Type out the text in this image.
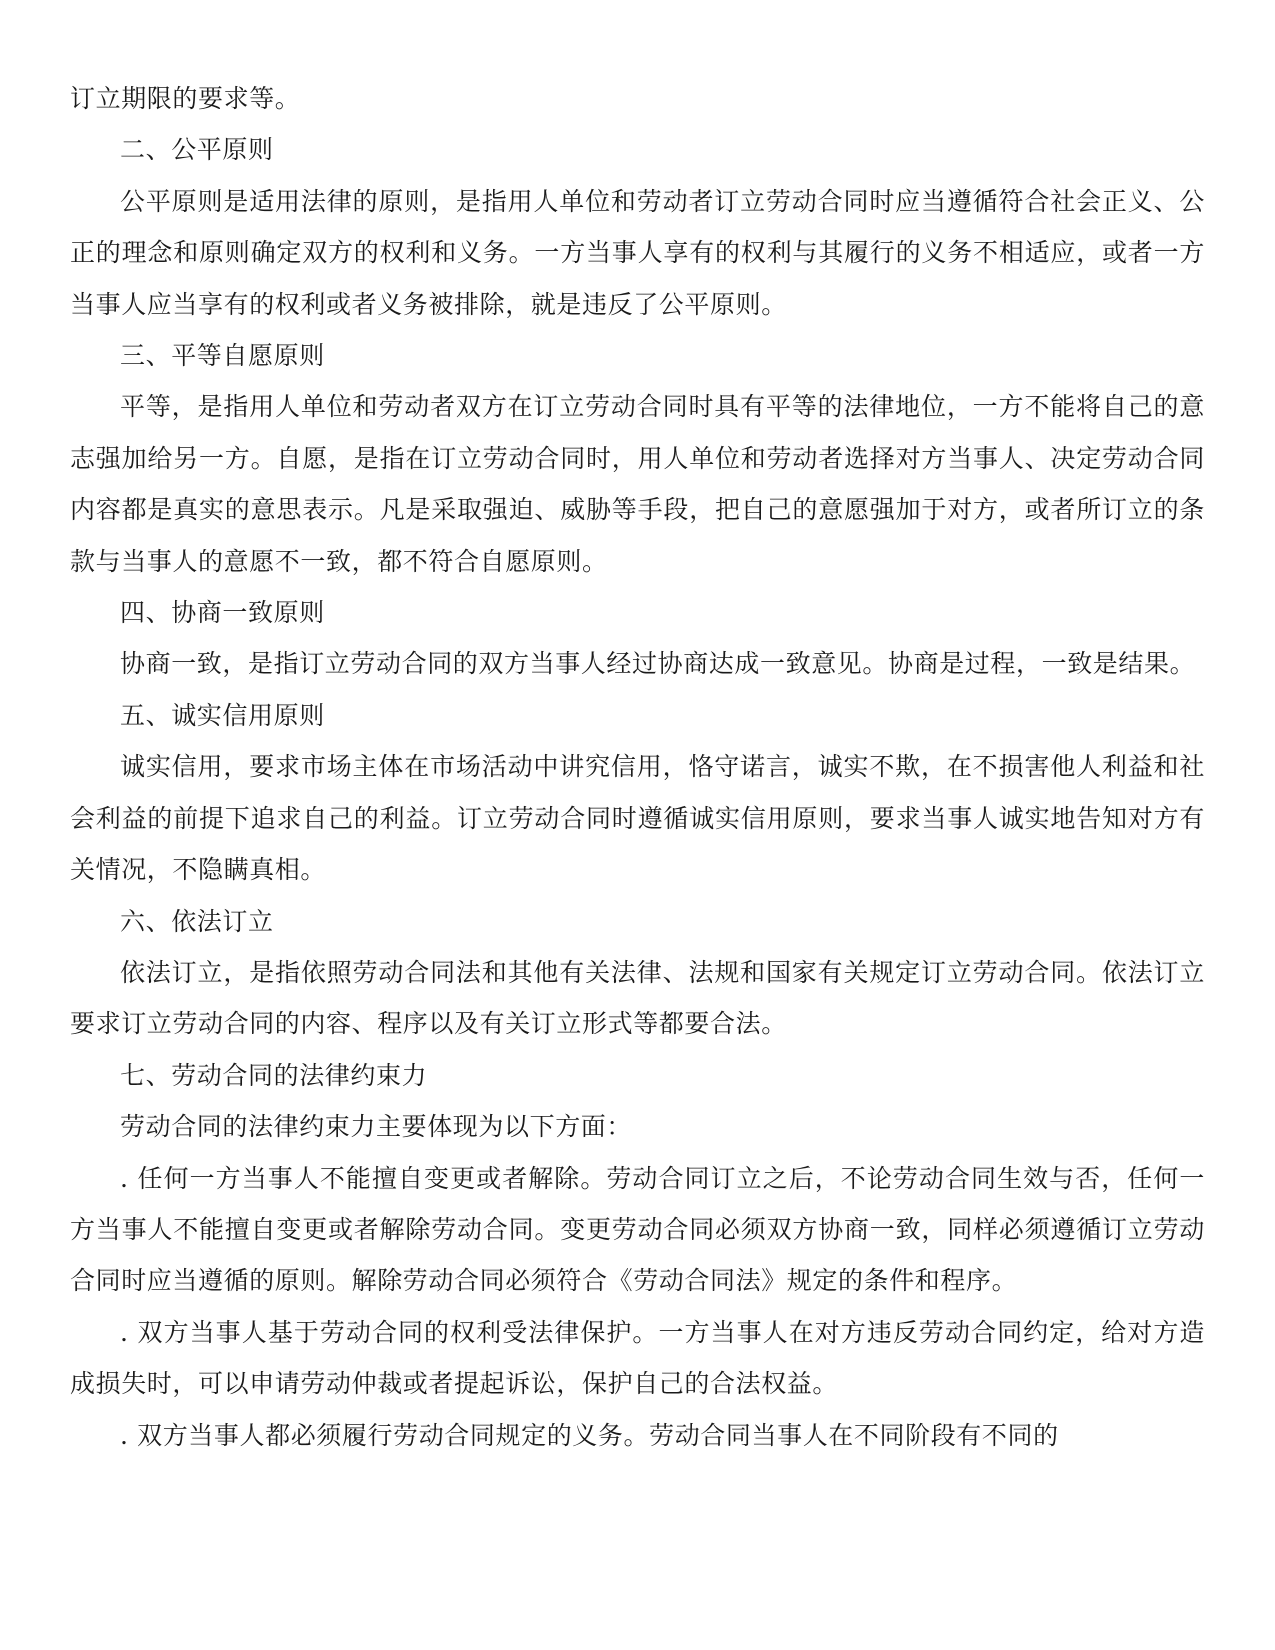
订立期限的要求等。

二、公平原则

公平原则是适用法律的原则，是指用人单位和劳动者订立劳动合同时应当遵循符合社会正义、公正的理念和原则确定双方的权利和义务。一方当事人享有的权利与其履行的义务不相适应，或者一方当事人应当享有的权利或者义务被排除，就是违反了公平原则。

三、平等自愿原则

平等，是指用人单位和劳动者双方在订立劳动合同时具有平等的法律地位，一方不能将自己的意志强加给另一方。自愿，是指在订立劳动合同时，用人单位和劳动者选择对方当事人、决定劳动合同内容都是真实的意思表示。凡是采取强迫、威胁等手段，把自己的意愿强加于对方，或者所订立的条款与当事人的意愿不一致，都不符合自愿原则。

四、协商一致原则

协商一致，是指订立劳动合同的双方当事人经过协商达成一致意见。协商是过程，一致是结果。

五、诚实信用原则

诚实信用，要求市场主体在市场活动中讲究信用，恪守诺言，诚实不欺，在不损害他人利益和社会利益的前提下追求自己的利益。订立劳动合同时遵循诚实信用原则，要求当事人诚实地告知对方有关情况，不隐瞒真相。

六、依法订立

依法订立，是指依照劳动合同法和其他有关法律、法规和国家有关规定订立劳动合同。依法订立要求订立劳动合同的内容、程序以及有关订立形式等都要合法。

七、劳动合同的法律约束力

劳动合同的法律约束力主要体现为以下方面：

. 任何一方当事人不能擅自变更或者解除。劳动合同订立之后，不论劳动合同生效与否，任何一方当事人不能擅自变更或者解除劳动合同。变更劳动合同必须双方协商一致，同样必须遵循订立劳动合同时应当遵循的原则。解除劳动合同必须符合《劳动合同法》规定的条件和程序。

. 双方当事人基于劳动合同的权利受法律保护。一方当事人在对方违反劳动合同约定，给对方造成损失时，可以申请劳动仲裁或者提起诉讼，保护自己的合法权益。

. 双方当事人都必须履行劳动合同规定的义务。劳动合同当事人在不同阶段有不同的
